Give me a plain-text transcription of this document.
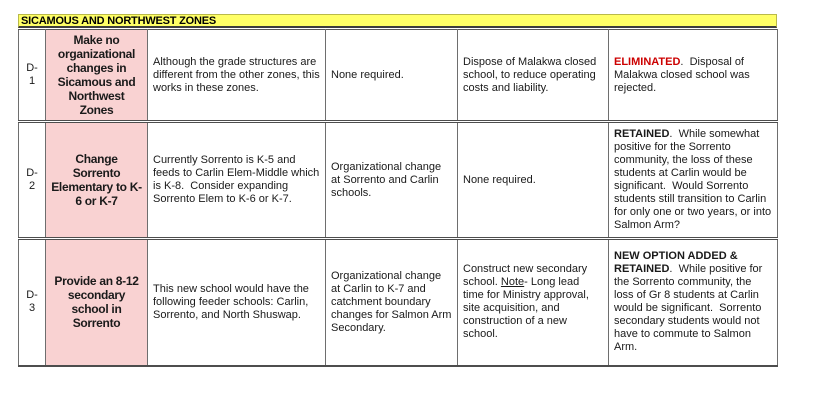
SICAMOUS AND NORTHWEST ZONES
D-1	Make no organizational changes in Sicamous and Northwest Zones	Although the grade structures are different from the other zones, this works in these zones.	None required.	Dispose of Malakwa closed school, to reduce operating costs and liability.	ELIMINATED.  Disposal of Malakwa closed school was rejected.
D-2	Change Sorrento Elementary to K-6 or K-7	Currently Sorrento is K-5 and feeds to Carlin Elem-Middle which is K-8.  Consider expanding Sorrento Elem to K-6 or K-7.	Organizational change at Sorrento and Carlin schools.	None required.	RETAINED.  While somewhat positive for the Sorrento community, the loss of these students at Carlin would be significant.  Would Sorrento students still transition to Carlin for only one or two years, or into Salmon Arm?
D-3	Provide an 8-12 secondary school in Sorrento	This new school would have the following feeder schools: Carlin, Sorrento, and North Shuswap.	Organizational change at Carlin to K-7 and catchment boundary changes for Salmon Arm Secondary.	Construct new secondary school. Note- Long lead time for Ministry approval, site acquisition, and construction of a new school.	NEW OPTION ADDED & RETAINED.  While positive for the Sorrento community, the loss of Gr 8 students at Carlin would be significant.  Sorrento secondary students would not have to commute to Salmon Arm.
